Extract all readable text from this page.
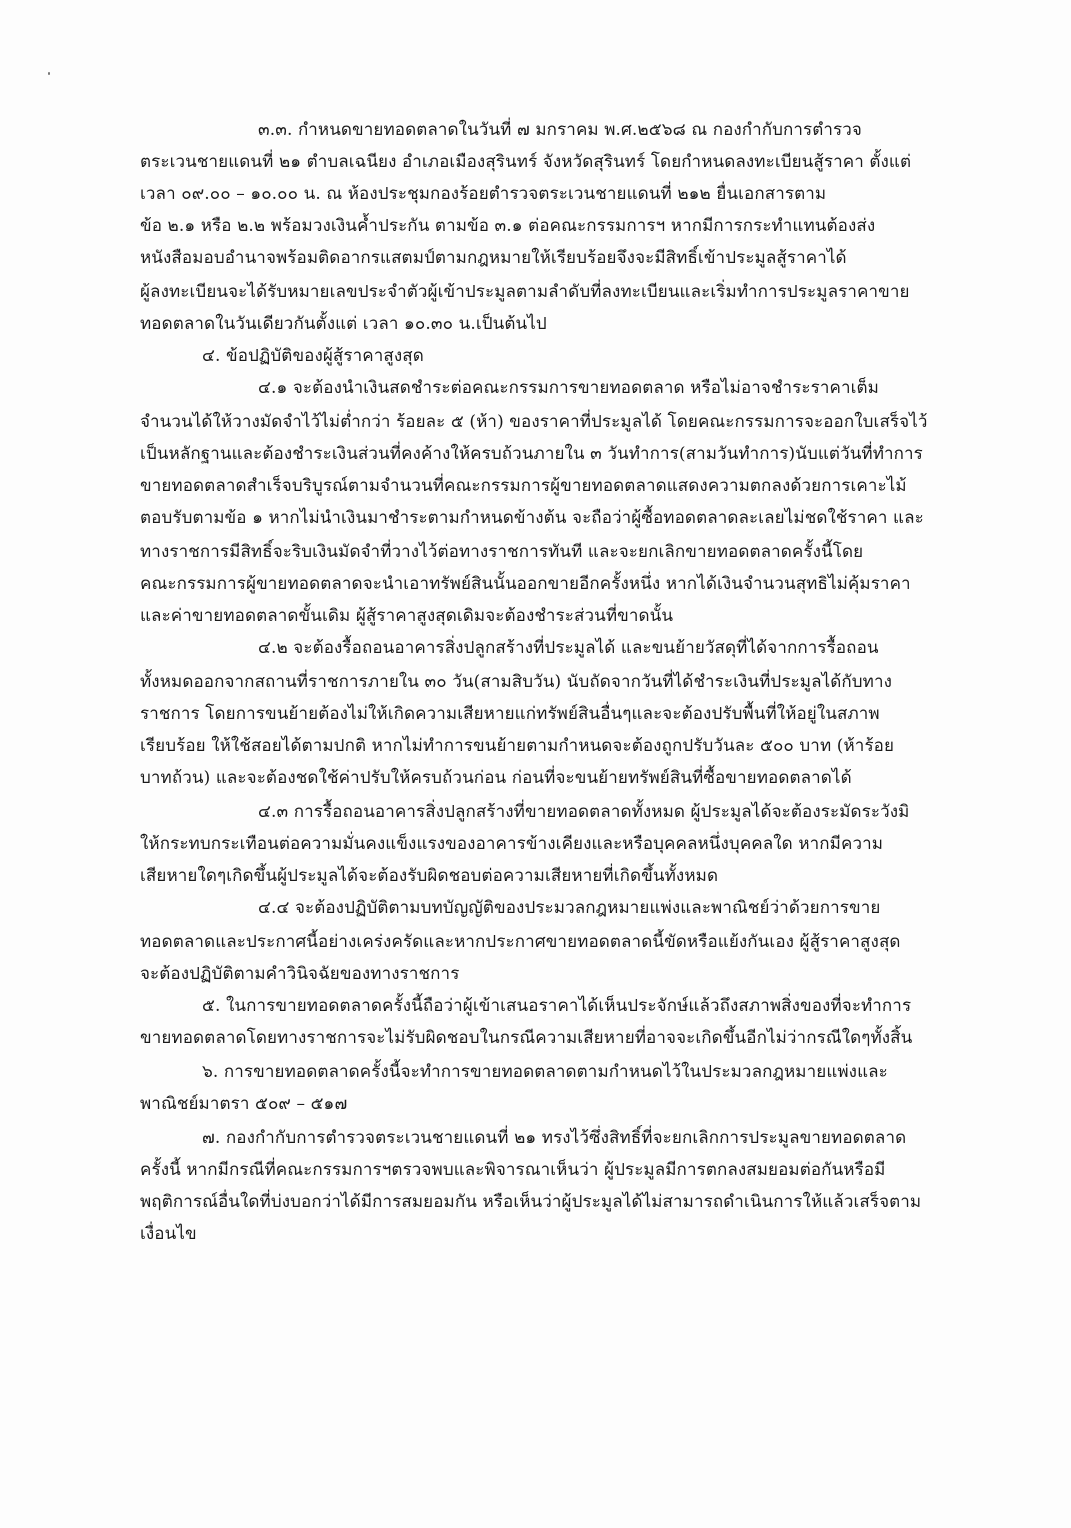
๓.๓. กำหนดขายทอดตลาดในวันที่ ๗ มกราคม พ.ศ.๒๕๖๘ ณ กองกำกับการตำรวจ

ตระเวนชายแดนที่ ๒๑ ตำบลเฉนียง อำเภอเมืองสุรินทร์ จังหวัดสุรินทร์ โดยกำหนดลงทะเบียนสู้ราคา ตั้งแต่

เวลา ๐๙.๐๐ – ๑๐.๐๐ น. ณ ห้องประชุมกองร้อยตำรวจตระเวนชายแดนที่ ๒๑๒ ยื่นเอกสารตาม

ข้อ ๒.๑ หรือ ๒.๒ พร้อมวงเงินค้ำประกัน ตามข้อ ๓.๑ ต่อคณะกรรมการฯ หากมีการกระทำแทนต้องส่ง

หนังสือมอบอำนาจพร้อมติดอากรแสตมป์ตามกฎหมายให้เรียบร้อยจึงจะมีสิทธิ์เข้าประมูลสู้ราคาได้

ผู้ลงทะเบียนจะได้รับหมายเลขประจำตัวผู้เข้าประมูลตามลำดับที่ลงทะเบียนและเริ่มทำการประมูลราคาขาย

ทอดตลาดในวันเดียวกันตั้งแต่ เวลา ๑๐.๓๐ น.เป็นต้นไป

๔. ข้อปฏิบัติของผู้สู้ราคาสูงสุด

๔.๑ จะต้องนำเงินสดชำระต่อคณะกรรมการขายทอดตลาด หรือไม่อาจชำระราคาเต็ม

จำนวนได้ให้วางมัดจำไว้ไม่ต่ำกว่า ร้อยละ ๕ (ห้า) ของราคาที่ประมูลได้ โดยคณะกรรมการจะออกใบเสร็จไว้

เป็นหลักฐานและต้องชำระเงินส่วนที่คงค้างให้ครบถ้วนภายใน ๓ วันทำการ(สามวันทำการ)นับแต่วันที่ทำการ

ขายทอดตลาดสำเร็จบริบูรณ์ตามจำนวนที่คณะกรรมการผู้ขายทอดตลาดแสดงความตกลงด้วยการเคาะไม้

ตอบรับตามข้อ ๑ หากไม่นำเงินมาชำระตามกำหนดข้างต้น จะถือว่าผู้ซื้อทอดตลาดละเลยไม่ชดใช้ราคา และ

ทางราชการมีสิทธิ์จะริบเงินมัดจำที่วางไว้ต่อทางราชการทันที และจะยกเลิกขายทอดตลาดครั้งนี้โดย

คณะกรรมการผู้ขายทอดตลาดจะนำเอาทรัพย์สินนั้นออกขายอีกครั้งหนึ่ง หากได้เงินจำนวนสุทธิไม่คุ้มราคา

และค่าขายทอดตลาดขั้นเดิม ผู้สู้ราคาสูงสุดเดิมจะต้องชำระส่วนที่ขาดนั้น

๔.๒ จะต้องรื้อถอนอาคารสิ่งปลูกสร้างที่ประมูลได้ และขนย้ายวัสดุที่ได้จากการรื้อถอน

ทั้งหมดออกจากสถานที่ราชการภายใน ๓๐ วัน(สามสิบวัน) นับถัดจากวันที่ได้ชำระเงินที่ประมูลได้กับทาง

ราชการ โดยการขนย้ายต้องไม่ให้เกิดความเสียหายแก่ทรัพย์สินอื่นๆและจะต้องปรับพื้นที่ให้อยู่ในสภาพ

เรียบร้อย ให้ใช้สอยได้ตามปกติ หากไม่ทำการขนย้ายตามกำหนดจะต้องถูกปรับวันละ ๕๐๐ บาท (ห้าร้อย

บาทถ้วน) และจะต้องชดใช้ค่าปรับให้ครบถ้วนก่อน ก่อนที่จะขนย้ายทรัพย์สินที่ซื้อขายทอดตลาดได้

๔.๓ การรื้อถอนอาคารสิ่งปลูกสร้างที่ขายทอดตลาดทั้งหมด ผู้ประมูลได้จะต้องระมัดระวังมิ

ให้กระทบกระเทือนต่อความมั่นคงแข็งแรงของอาคารข้างเคียงและหรือบุคคลหนึ่งบุคคลใด หากมีความ

เสียหายใดๆเกิดขึ้นผู้ประมูลได้จะต้องรับผิดชอบต่อความเสียหายที่เกิดขึ้นทั้งหมด

๔.๔ จะต้องปฏิบัติตามบทบัญญัติของประมวลกฎหมายแพ่งและพาณิชย์ว่าด้วยการขาย

ทอดตลาดและประกาศนี้อย่างเคร่งครัดและหากประกาศขายทอดตลาดนี้ขัดหรือแย้งกันเอง ผู้สู้ราคาสูงสุด

จะต้องปฏิบัติตามคำวินิจฉัยของทางราชการ

๕. ในการขายทอดตลาดครั้งนี้ถือว่าผู้เข้าเสนอราคาได้เห็นประจักษ์แล้วถึงสภาพสิ่งของที่จะทำการ

ขายทอดตลาดโดยทางราชการจะไม่รับผิดชอบในกรณีความเสียหายที่อาจจะเกิดขึ้นอีกไม่ว่ากรณีใดๆทั้งสิ้น

๖. การขายทอดตลาดครั้งนี้จะทำการขายทอดตลาดตามกำหนดไว้ในประมวลกฎหมายแพ่งและ

พาณิชย์มาตรา ๕๐๙ – ๕๑๗

๗. กองกำกับการตำรวจตระเวนชายแดนที่ ๒๑ ทรงไว้ซึ่งสิทธิ์ที่จะยกเลิกการประมูลขายทอดตลาด

ครั้งนี้ หากมีกรณีที่คณะกรรมการฯตรวจพบและพิจารณาเห็นว่า ผู้ประมูลมีการตกลงสมยอมต่อกันหรือมี

พฤติการณ์อื่นใดที่บ่งบอกว่าได้มีการสมยอมกัน หรือเห็นว่าผู้ประมูลได้ไม่สามารถดำเนินการให้แล้วเสร็จตาม

เงื่อนไข
